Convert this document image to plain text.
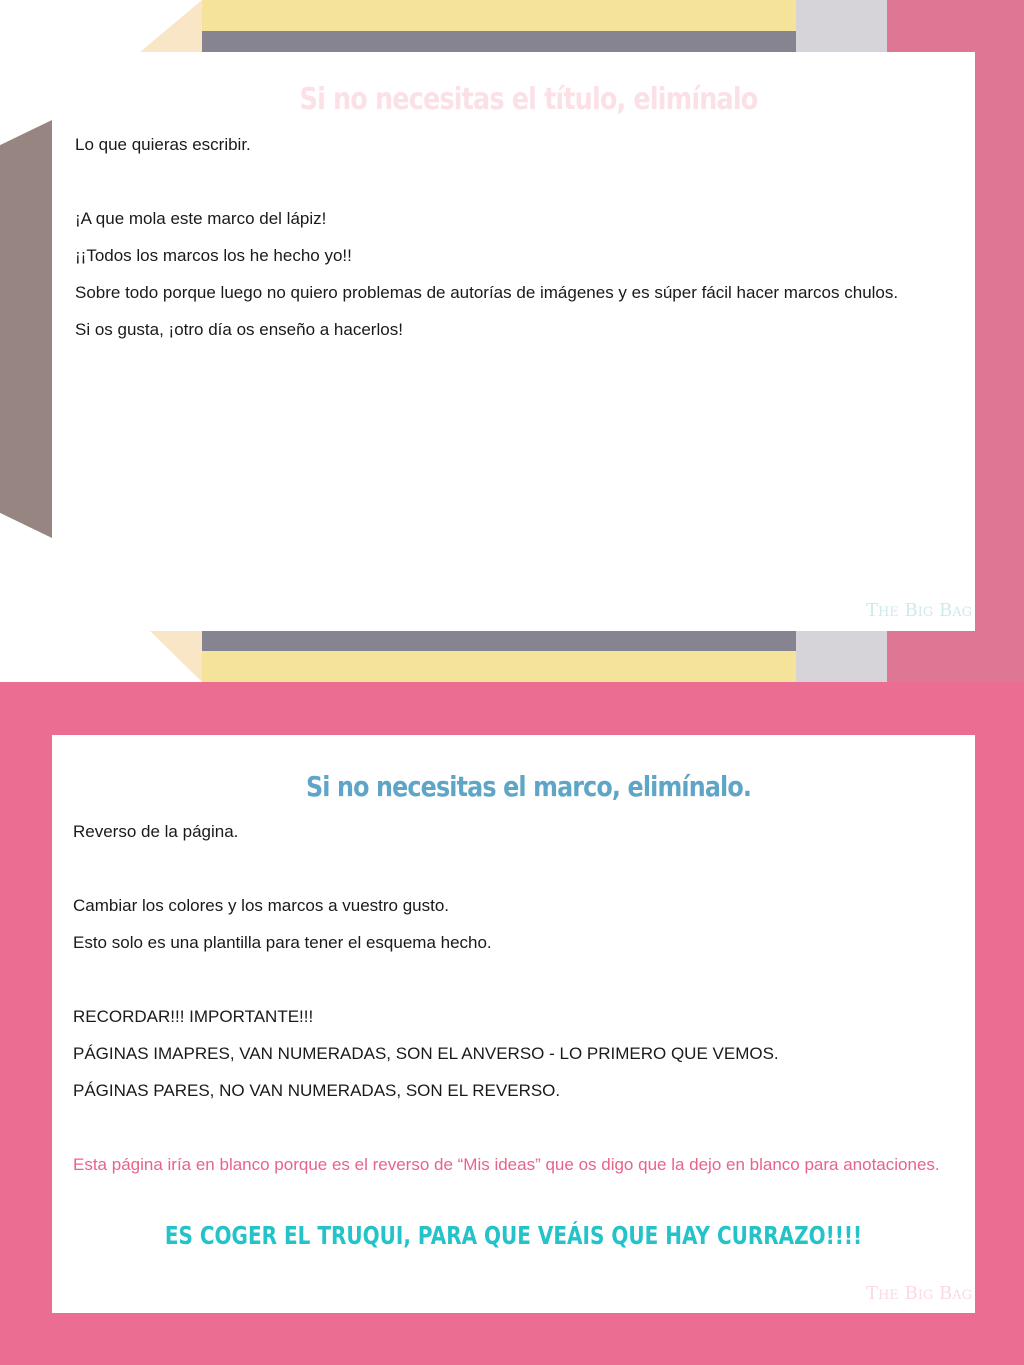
Si no necesitas el título, elimínalo

Lo que quieras escribir.

¡A que mola este marco del lápiz!

¡¡Todos los marcos los he hecho yo!!

Sobre todo porque luego no quiero problemas de autorías de imágenes y es súper fácil hacer marcos chulos.

Si os gusta, ¡otro día os enseño a hacerlos!

The Big Bag
Si no necesitas el marco, elimínalo.

Reverso de la página.

Cambiar los colores y los marcos a vuestro gusto.

Esto solo es una plantilla para tener el esquema hecho.

RECORDAR!!! IMPORTANTE!!!

PÁGINAS IMAPRES, VAN NUMERADAS, SON EL ANVERSO - LO PRIMERO QUE VEMOS.

PÁGINAS PARES, NO VAN NUMERADAS, SON EL REVERSO.

Esta página iría en blanco porque es el reverso de “Mis ideas” que os digo que la dejo en blanco para anotaciones.

ES COGER EL TRUQUI, PARA QUE VEÁIS QUE HAY CURRAZO!!!!
The Big Bag
